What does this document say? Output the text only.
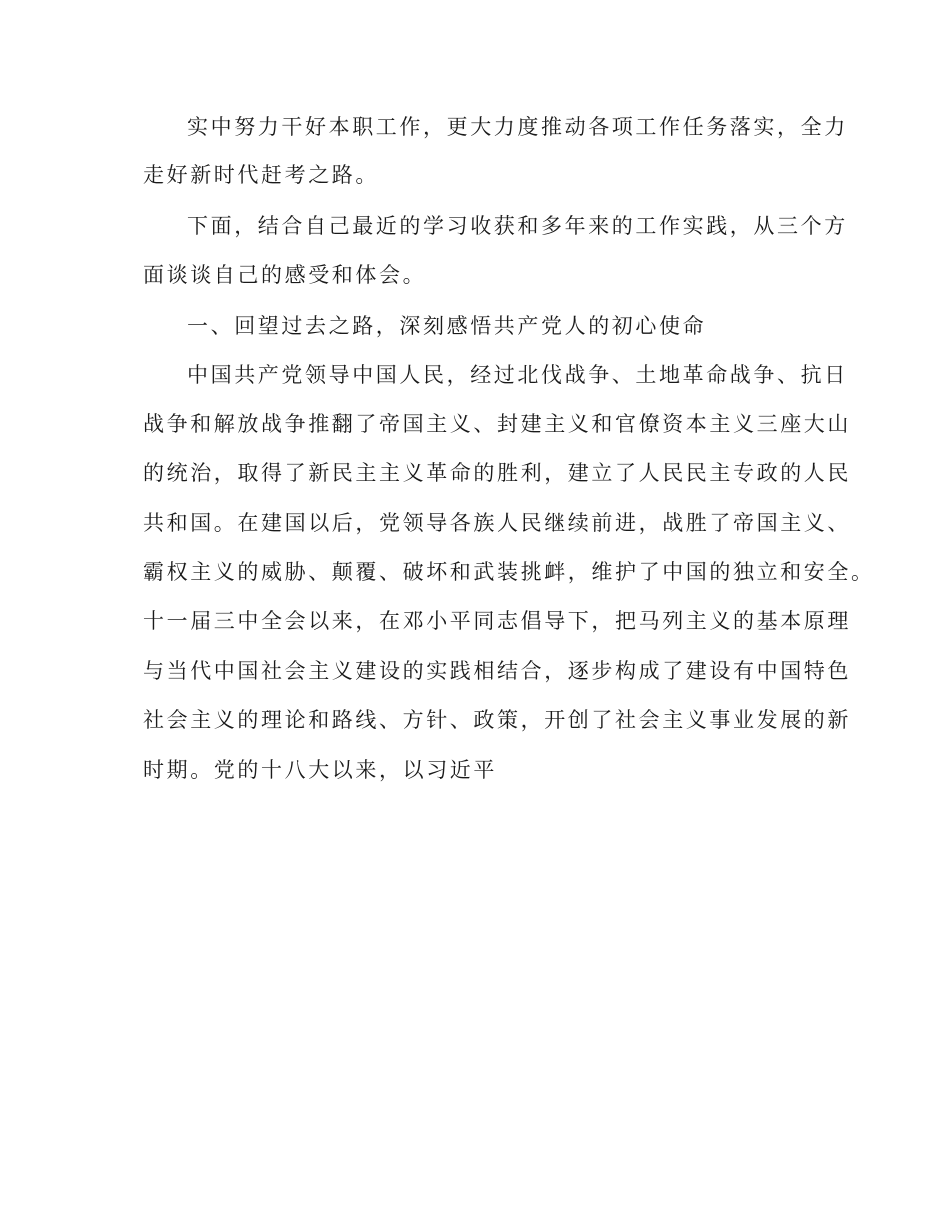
实中努力干好本职工作，更大力度推动各项工作任务落实，全力
走好新时代赶考之路。
下面，结合自己最近的学习收获和多年来的工作实践，从三个方
面谈谈自己的感受和体会。
一、回望过去之路，深刻感悟共产党人的初心使命
中国共产党领导中国人民，经过北伐战争、土地革命战争、抗日
战争和解放战争推翻了帝国主义、封建主义和官僚资本主义三座大山
的统治，取得了新民主主义革命的胜利，建立了人民民主专政的人民
共和国。在建国以后，党领导各族人民继续前进，战胜了帝国主义、
霸权主义的威胁、颠覆、破坏和武装挑衅，维护了中国的独立和安全。
十一届三中全会以来，在邓小平同志倡导下，把马列主义的基本原理
与当代中国社会主义建设的实践相结合，逐步构成了建设有中国特色
社会主义的理论和路线、方针、政策，开创了社会主义事业发展的新
时期。党的十八大以来，以习近平
